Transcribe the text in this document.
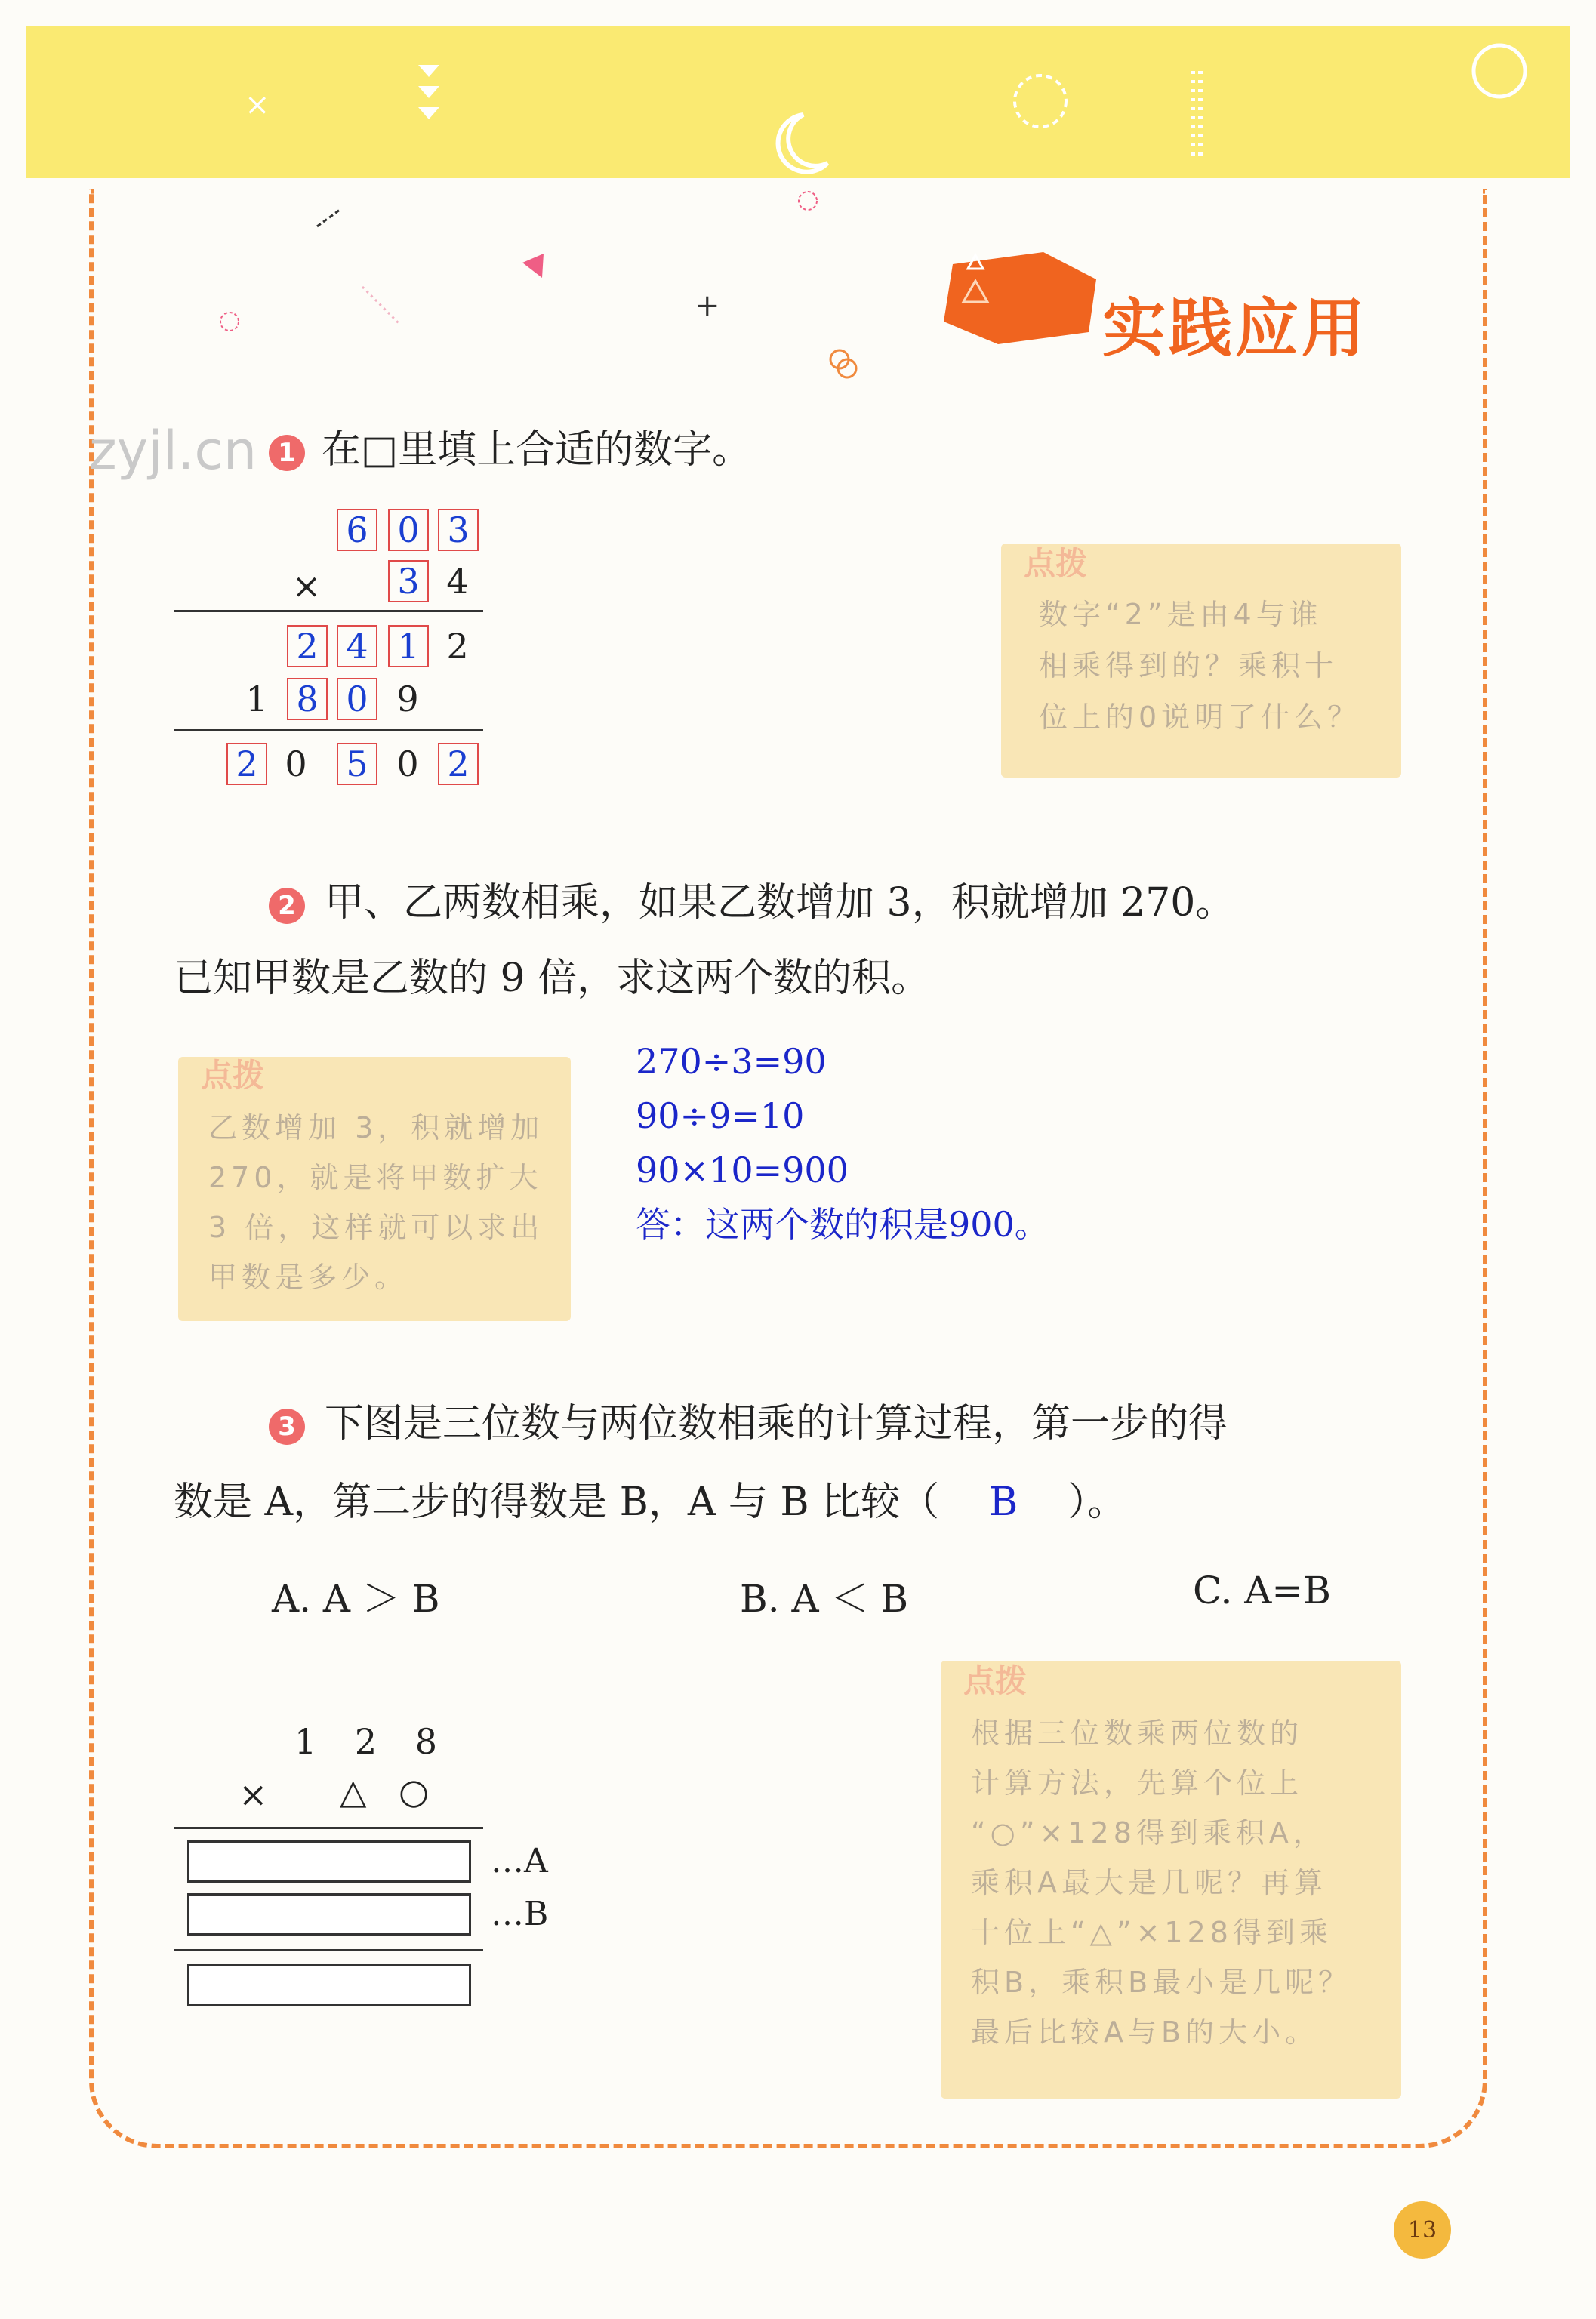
×
+	实践应用
zyjl.cn 1 在□里填上合适的数字。
6 0 3
× 3 4
2 4 1 2
1 8 0 9
2 0 5 0 2
点拨
数字“2”是由4与谁
相乘得到的？乘积十
位上的0说明了什么？
2 甲、乙两数相乘，如果乙数增加 3，积就增加 270。
已知甲数是乙数的 9 倍，求这两个数的积。
点拨
乙数增加 3，积就增加
270，就是将甲数扩大
3 倍，这样就可以求出
甲数是多少。
270÷3=90
90÷9=10
90×10=900
答：这两个数的积是900。
3 下图是三位数与两位数相乘的计算过程，第一步的得
数是 A，第二步的得数是 B，A 与 B 比较（	B	）。
A. A ＞ B	B. A ＜ B	C. A=B
点拨
根据三位数乘两位数的
计算方法，先算个位上
“○”×128得到乘积A，
乘积A最大是几呢？再算
十位上“△”×128得到乘
积B，乘积B最小是几呢？
最后比较A与B的大小。
1 2 8
× △ ○
…A
…B
13
